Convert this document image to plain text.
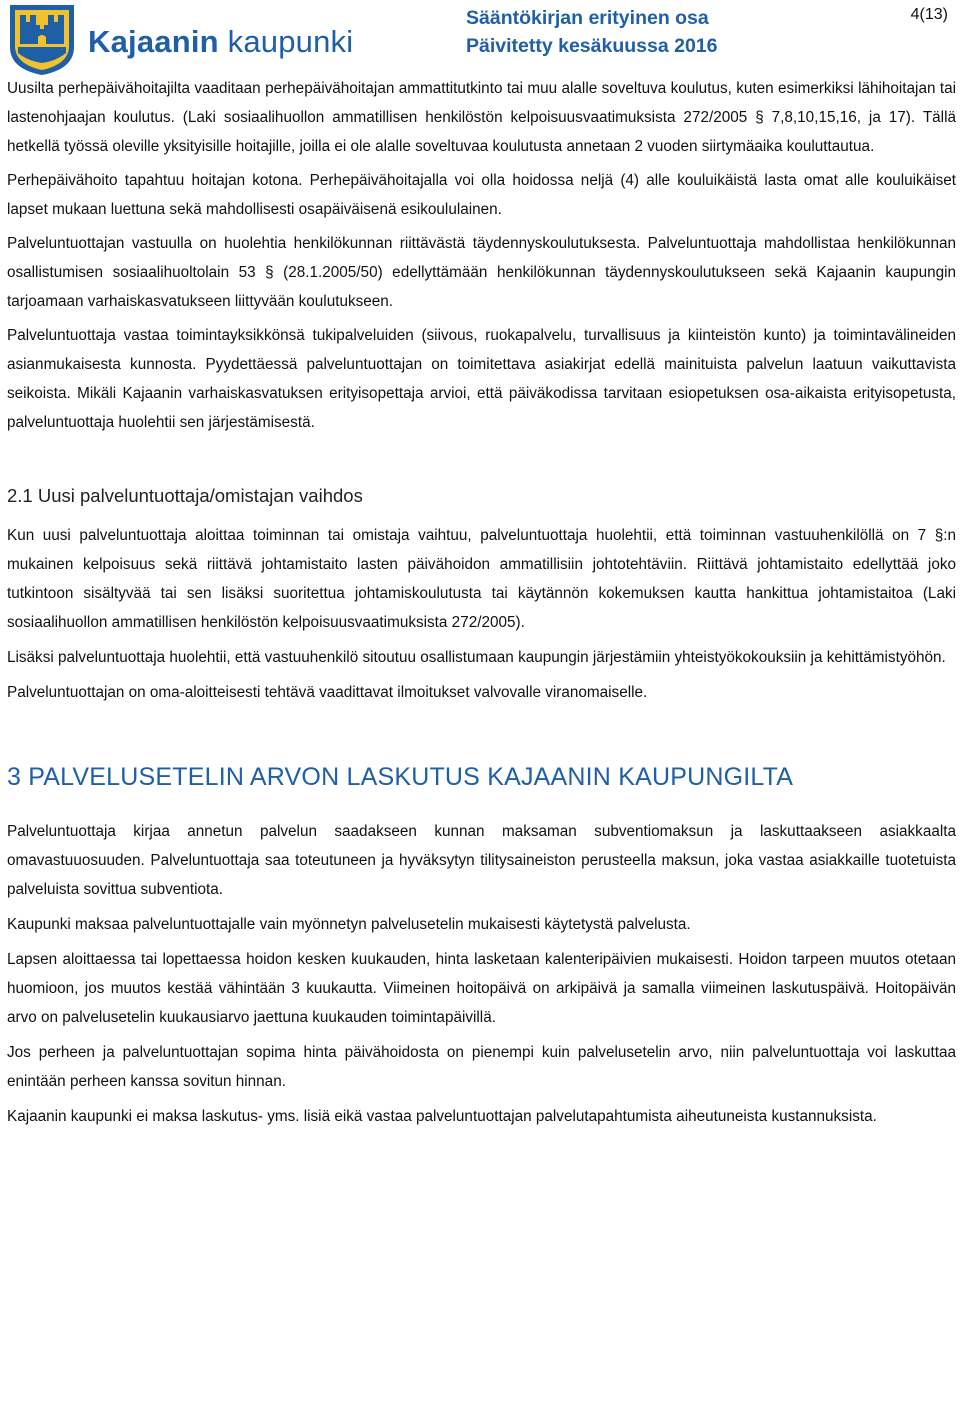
Kajaanin kaupunki
Sääntökirjan erityinen osa
Päivitetty kesäkuussa 2016
4(13)

Uusilta perhepäivähoitajilta vaaditaan perhepäivähoitajan ammattitutkinto tai muu alalle soveltuva koulutus, kuten esimerkiksi lähihoitajan tai lastenohjaajan koulutus. (Laki sosiaalihuollon ammatillisen henkilöstön kelpoisuusvaatimuksista 272/2005 § 7,8,10,15,16, ja 17). Tällä hetkellä työssä oleville yksityisille hoitajille, joilla ei ole alalle soveltuvaa koulutusta annetaan 2 vuoden siirtymäaika kouluttautua.

Perhepäivähoito tapahtuu hoitajan kotona. Perhepäivähoitajalla voi olla hoidossa neljä (4) alle kouluikäistä lasta omat alle kouluikäiset lapset mukaan luettuna sekä mahdollisesti osapäiväisenä esikoululainen.

Palveluntuottajan vastuulla on huolehtia henkilökunnan riittävästä täydennyskoulutuksesta. Palveluntuottaja mahdollistaa henkilökunnan osallistumisen sosiaalihuoltolain 53 § (28.1.2005/50) edellyttämään henkilökunnan täydennyskoulutukseen sekä Kajaanin kaupungin tarjoamaan varhaiskasvatukseen liittyvään koulutukseen.

Palveluntuottaja vastaa toimintayksikkönsä tukipalveluiden (siivous, ruokapalvelu, turvallisuus ja kiinteistön kunto) ja toimintavälineiden asianmukaisesta kunnosta. Pyydettäessä palveluntuottajan on toimitettava asiakirjat edellä mainituista palvelun laatuun vaikuttavista seikoista. Mikäli Kajaanin varhaiskasvatuksen erityisopettaja arvioi, että päiväkodissa tarvitaan esiopetuksen osa-aikaista erityisopetusta, palveluntuottaja huolehtii sen järjestämisestä.

2.1 Uusi palveluntuottaja/omistajan vaihdos

Kun uusi palveluntuottaja aloittaa toiminnan tai omistaja vaihtuu, palveluntuottaja huolehtii, että toiminnan vastuuhenkilöllä on 7 §:n mukainen kelpoisuus sekä riittävä johtamistaito lasten päivähoidon ammatillisiin johtotehtäviin. Riittävä johtamistaito edellyttää joko tutkintoon sisältyvää tai sen lisäksi suoritettua johtamiskoulutusta tai käytännön kokemuksen kautta hankittua johtamistaitoa (Laki sosiaalihuollon ammatillisen henkilöstön kelpoisuusvaatimuksista 272/2005).

Lisäksi palveluntuottaja huolehtii, että vastuuhenkilö sitoutuu osallistumaan kaupungin järjestämiin yhteistyökokouksiin ja kehittämistyöhön.

Palveluntuottajan on oma-aloitteisesti tehtävä vaadittavat ilmoitukset valvovalle viranomaiselle.

3 PALVELUSETELIN ARVON LASKUTUS KAJAANIN KAUPUNGILTA

Palveluntuottaja kirjaa annetun palvelun saadakseen kunnan maksaman subventiomaksun ja laskuttaakseen asiakkaalta omavastuuosuuden. Palveluntuottaja saa toteutuneen ja hyväksytyn tilitysaineiston perusteella maksun, joka vastaa asiakkaille tuotetuista palveluista sovittua subventiota.

Kaupunki maksaa palveluntuottajalle vain myönnetyn palvelusetelin mukaisesti käytetystä palvelusta.

Lapsen aloittaessa tai lopettaessa hoidon kesken kuukauden, hinta lasketaan kalenteripäivien mukaisesti. Hoidon tarpeen muutos otetaan huomioon, jos muutos kestää vähintään 3 kuukautta. Viimeinen hoitopäivä on arkipäivä ja samalla viimeinen laskutuspäivä. Hoitopäivän arvo on palvelusetelin kuukausiarvo jaettuna kuukauden toimintapäivillä.

Jos perheen ja palveluntuottajan sopima hinta päivähoidosta on pienempi kuin palvelusetelin arvo, niin palveluntuottaja voi laskuttaa enintään perheen kanssa sovitun hinnan.

Kajaanin kaupunki ei maksa laskutus- yms. lisiä eikä vastaa palveluntuottajan palvelutapahtumista aiheutuneista kustannuksista.
